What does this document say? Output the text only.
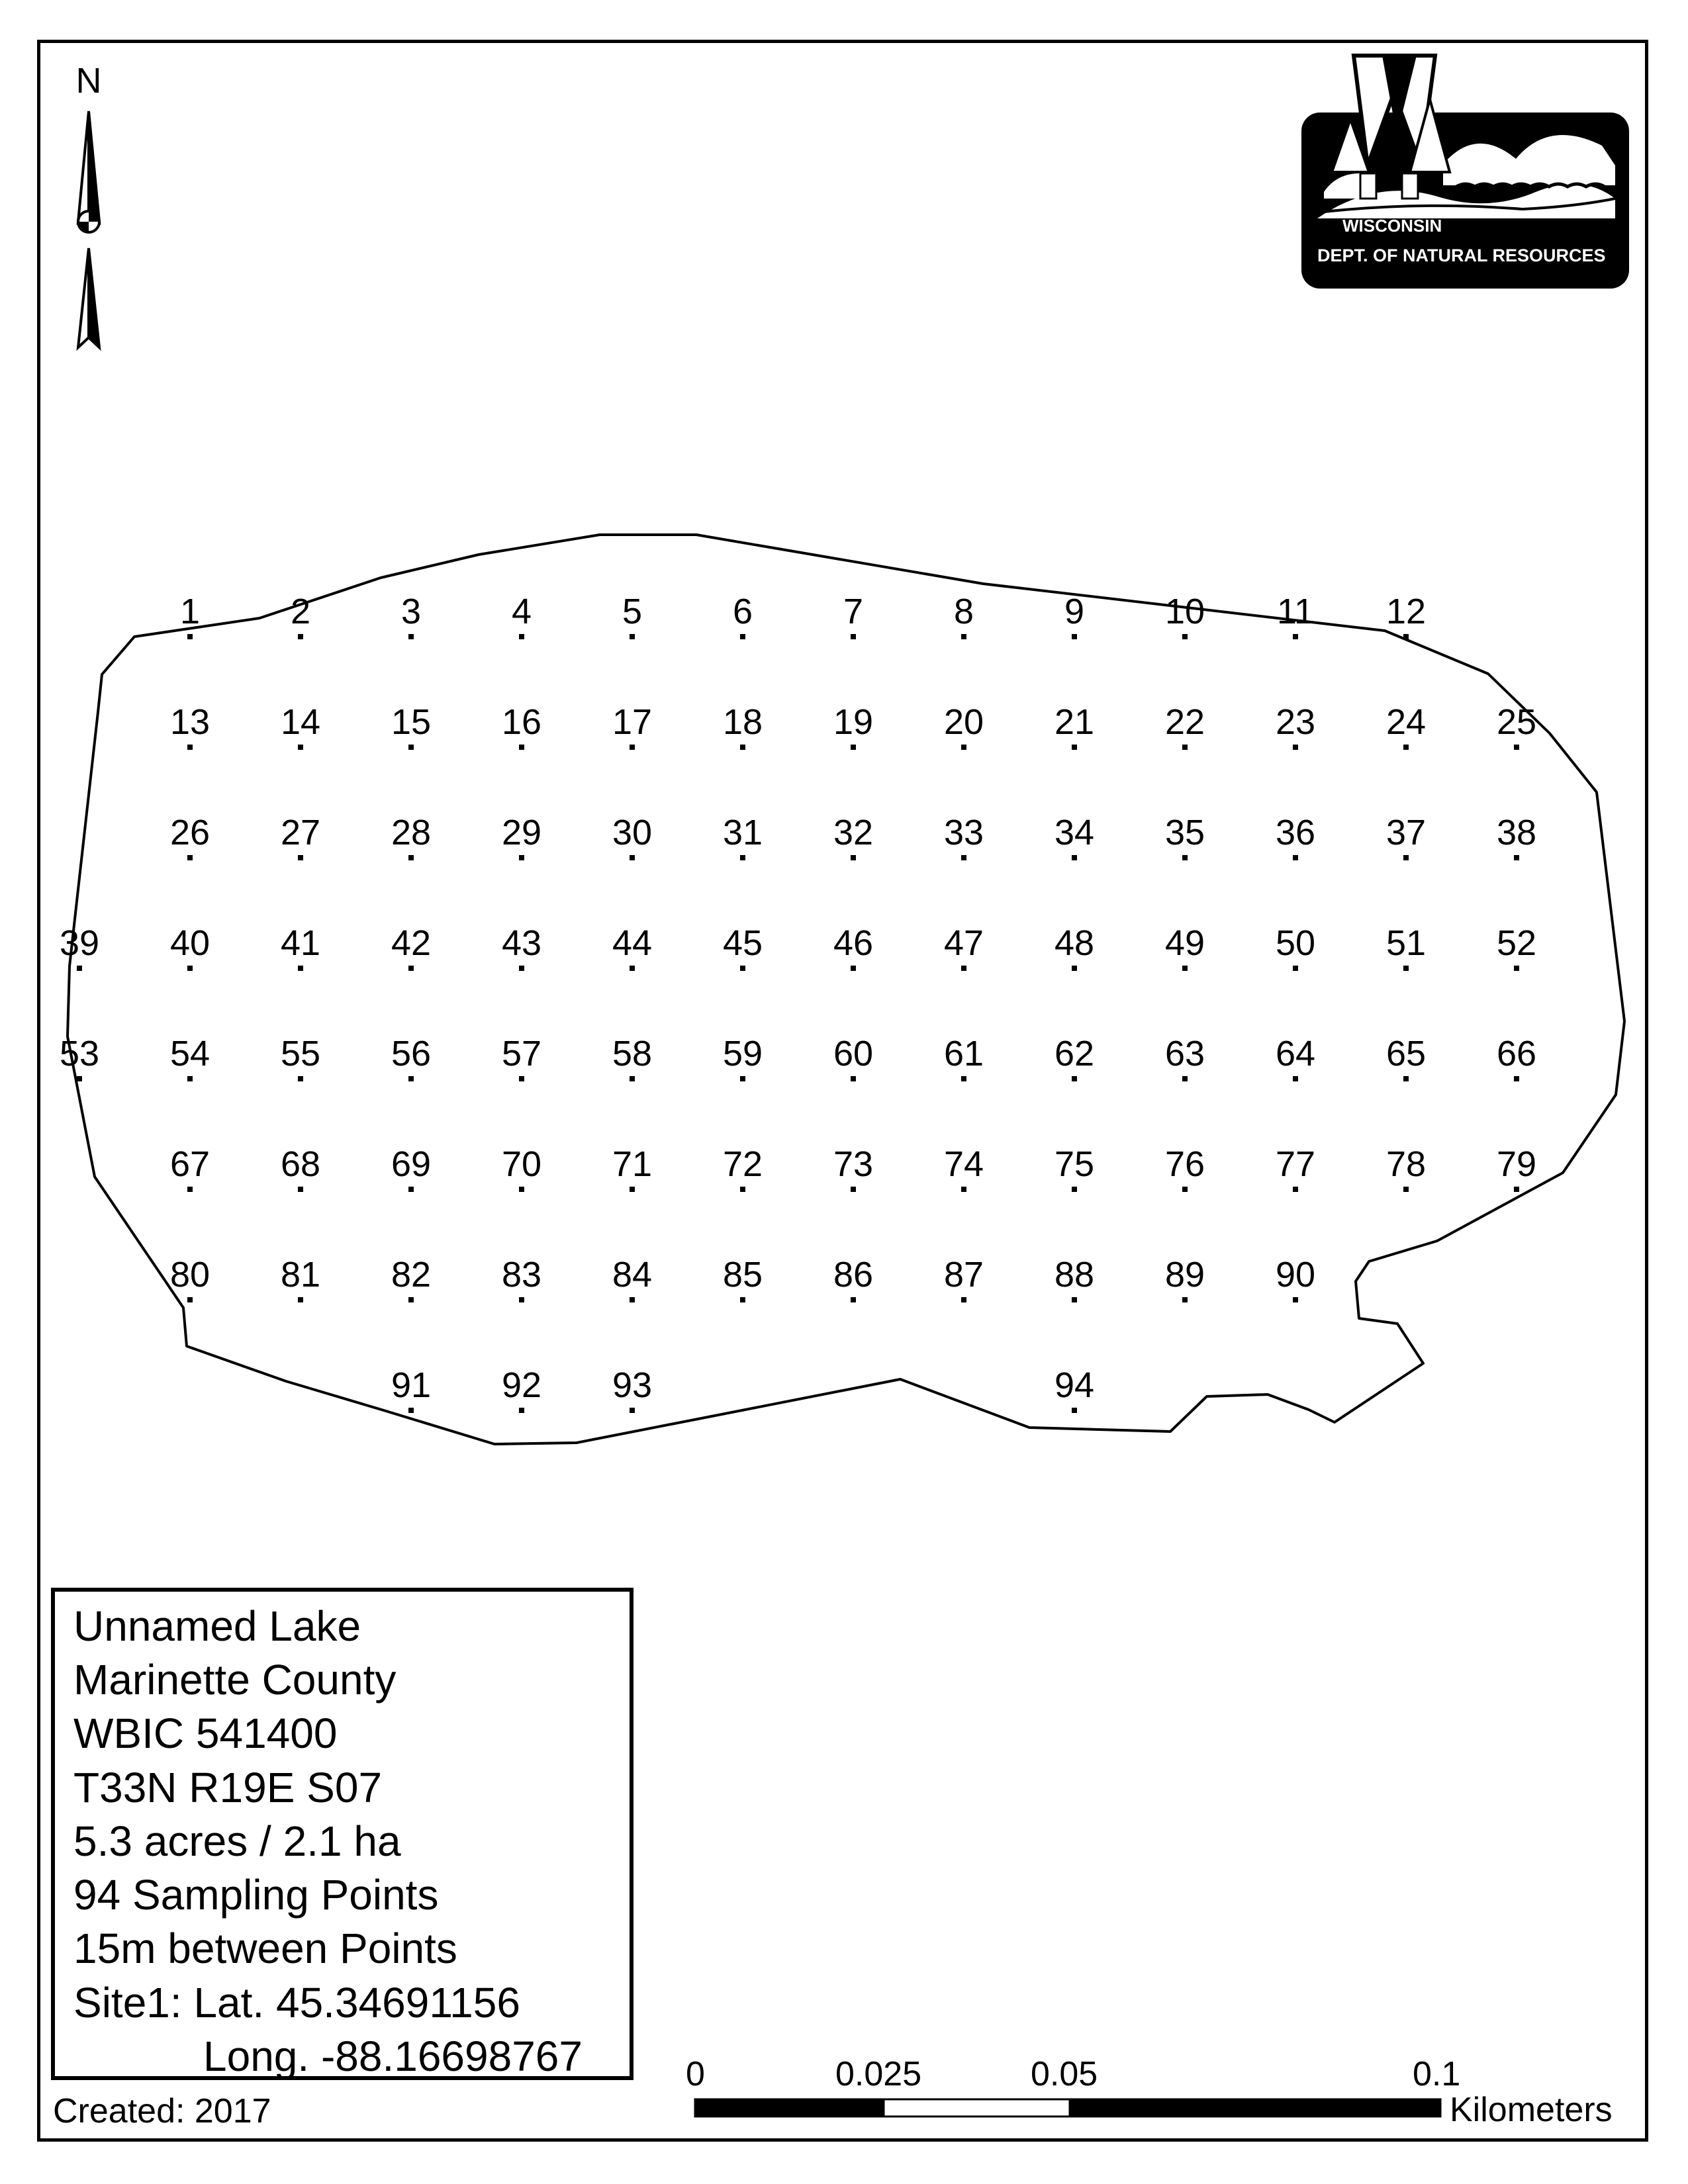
N
WISCONSIN
DEPT. OF NATURAL RESOURCES
1	2	3	4	5	6	7	8	9 10 11 12
13 14 15 16 17 18 19 20 21 22 23 24 25
26 27 28 29 30 31 32 33 34 35 36 37 38
39 40 41 42 43 44 45 46 47 48 49 50 51 52
53 54 55 56 57 58 59 60 61 62 63 64 65 66
67 68 69 70 71 72 73 74 75 76 77 78 79
80 81 82 83 84 85 86 87 88 89 90
91 92 93	94
0	0.025	0.05	0.1
Kilometers
Unnamed Lake
Marinette County
WBIC 541400
T33N R19E S07
5.3 acres / 2.1 ha
94 Sampling Points
15m between Points
Site1: Lat. 45.34691156
Long. -88.16698767
Created: 2017
